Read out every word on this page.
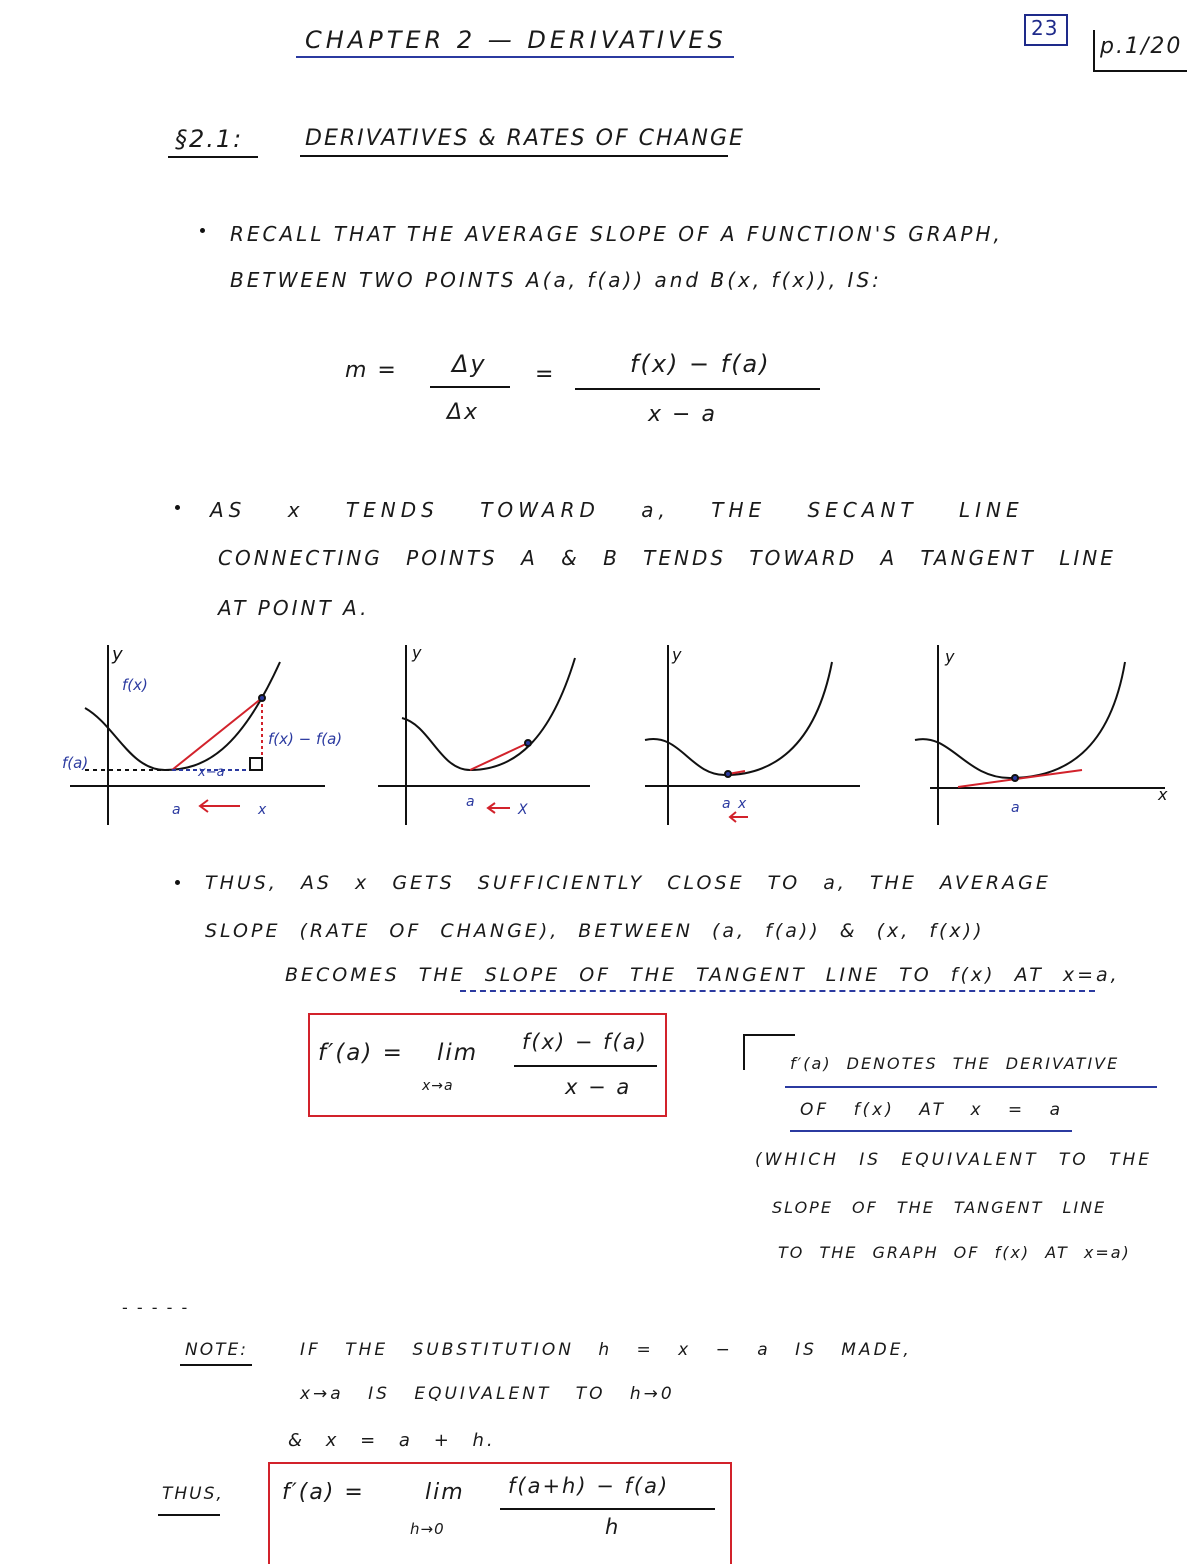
CHAPTER 2 — DERIVATIVES	23
p.1/20
§2.1:	DERIVATIVES & RATES OF CHANGE
RECALL THAT THE AVERAGE SLOPE OF A FUNCTION'S GRAPH,
BETWEEN TWO POINTS A(a, f(a)) and B(x, f(x)), IS:
m = Δy
Δx
=	f(x) − f(a)
x − a
AS x TENDS TOWARD a, THE SECANT LINE
CONNECTING POINTS A & B TENDS TOWARD A TANGENT LINE
AT POINT A.
y
f(x)
f(a)
f(x) − f(a)
x−a
a	x
y
a	X
y
a x
y
a
x
THUS, AS x GETS SUFFICIENTLY CLOSE TO a, THE AVERAGE
SLOPE (RATE OF CHANGE), BETWEEN (a, f(a)) & (x, f(x))
BECOMES THE SLOPE OF THE TANGENT LINE TO f(x) AT x=a,
f′(a) = lim
x→a
f(x) − f(a)
x − a
f′(a) DENOTES THE DERIVATIVE
OF f(x) AT x = a
(WHICH IS EQUIVALENT TO THE
SLOPE OF THE TANGENT LINE
TO THE GRAPH OF f(x) AT x=a)
- - - - -
NOTE:	IF THE SUBSTITUTION h = x − a IS MADE,
x→a IS EQUIVALENT TO h→0
& x = a + h.
THUS,	f′(a) =	lim
h→0
f(a+h) − f(a)
h
